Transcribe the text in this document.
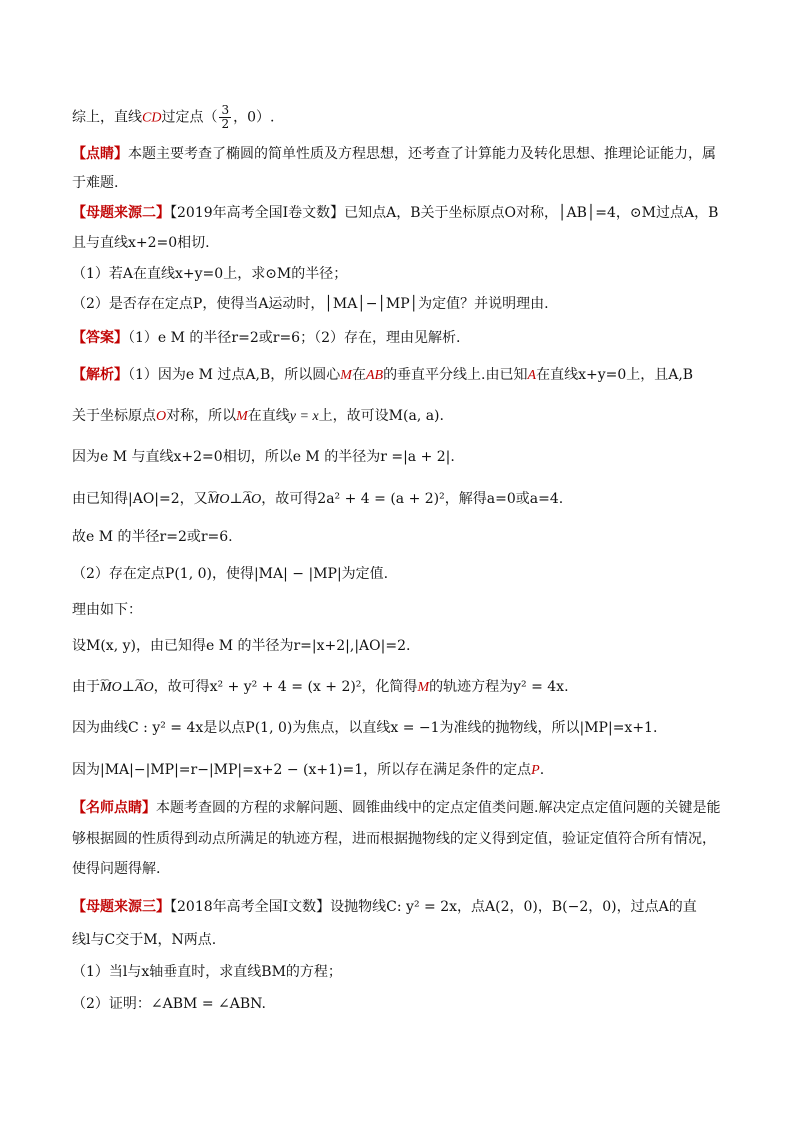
综上，直线CD过定点（ $\frac{3}{2}$ ，0）.
【点睛】本题主要考查了椭圆的简单性质及方程思想，还考查了计算能力及转化思想、推理论证能力，属
于难题.
【母题来源二】【2019年高考全国Ⅰ卷文数】已知点A，B关于坐标原点O对称，│AB│=4，⊙M过点A，B
且与直线x+2=0相切.
（1）若A在直线x+y=0上，求⊙M的半径；
（2）是否存在定点P，使得当A运动时，│MA│−│MP│为定值？并说明理由.
【答案】（1）e M 的半径r=2或r=6；（2）存在，理由见解析.
【解析】（1）因为e M 过点A,B，所以圆心M在AB的垂直平分线上.由已知A在直线x+y=0上，且A,B
关于坐标原点O对称，所以M在直线y = x上，故可设M(a, a).
因为e M 与直线x+2=0相切，所以e M 的半径为r =|a + 2|.
由已知得|AO|=2，又⌢⌢ MO⊥⌢⌢ AO，故可得2a² + 4 = (a + 2)²，解得a=0或a=4.
故e M 的半径r=2或r=6.
（2）存在定点P(1, 0)，使得|MA| − |MP|为定值.
理由如下：
设M(x, y)，由已知得e M 的半径为r=|x+2|,|AO|=2.
由于⌢⌢ MO⊥⌢⌢ AO，故可得x² + y² + 4 = (x + 2)²，化简得M的轨迹方程为y² = 4x.
因为曲线C : y² = 4x是以点P(1, 0)为焦点，以直线x = −1为准线的抛物线，所以|MP|=x+1.
因为|MA|−|MP|=r−|MP|=x+2 − (x+1)=1，所以存在满足条件的定点P.
【名师点睛】本题考查圆的方程的求解问题、圆锥曲线中的定点定值类问题.解决定点定值问题的关键是能
够根据圆的性质得到动点所满足的轨迹方程，进而根据抛物线的定义得到定值，验证定值符合所有情况，
使得问题得解.
【母题来源三】【2018年高考全国Ⅰ文数】设抛物线C: y² = 2x，点A(2，0)，B(−2，0)，过点A的直
线l与C交于M，N两点.
（1）当l与x轴垂直时，求直线BM的方程；
（2）证明：∠ABM = ∠ABN.
